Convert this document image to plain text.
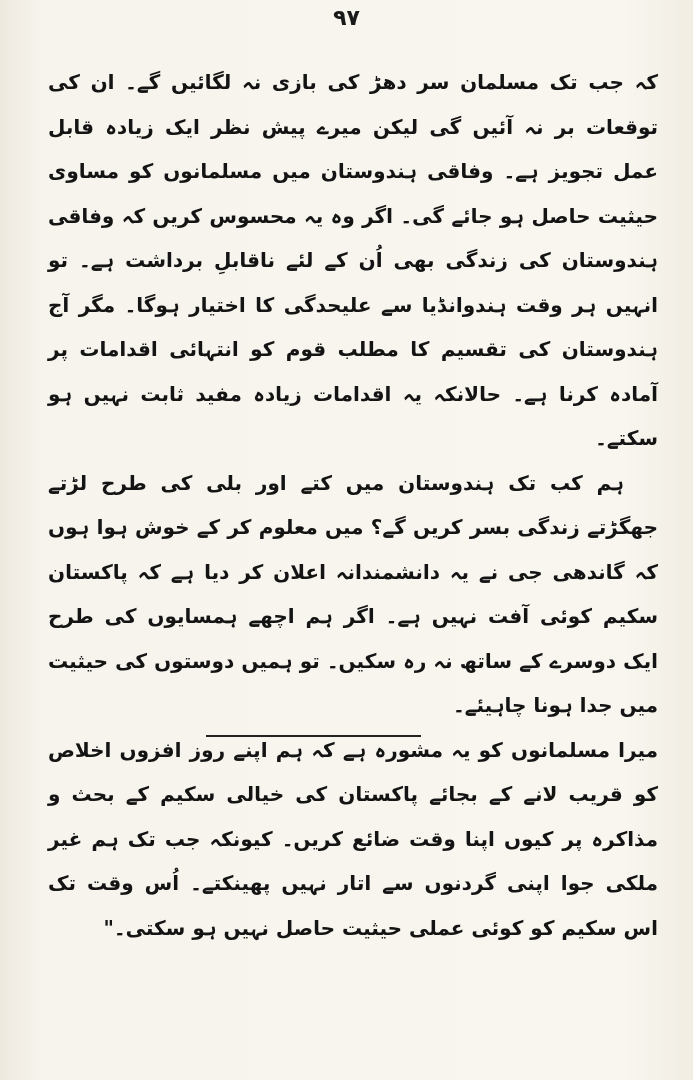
۹۷

کہ جب تک مسلمان سر دھڑ کی بازی نہ لگائیں گے۔ ان کی توقعات بر نہ آئیں گی لیکن میرے پیش نظر ایک زیادہ قابل عمل تجویز ہے۔ وفاقی ہندوستان میں مسلمانوں کو مساوی حیثیت حاصل ہو جائے گی۔ اگر وہ یہ محسوس کریں کہ وفاقی ہندوستان کی زندگی بھی اُن کے لئے ناقابلِ برداشت ہے۔ تو انہیں ہر وقت ہندوانڈیا سے علیحدگی کا اختیار ہوگا۔ مگر آج ہندوستان کی تقسیم کا مطلب قوم کو انتہائی اقدامات پر آمادہ کرنا ہے۔ حالانکہ یہ اقدامات زیادہ مفید ثابت نہیں ہو سکتے۔

ہم کب تک ہندوستان میں کتے اور بلی کی طرح لڑتے جھگڑتے زندگی بسر کریں گے؟ میں معلوم کر کے خوش ہوا ہوں کہ گاندھی جی نے یہ دانشمندانہ اعلان کر دیا ہے کہ پاکستان سکیم کوئی آفت نہیں ہے۔ اگر ہم اچھے ہمسایوں کی طرح ایک دوسرے کے ساتھ نہ رہ سکیں۔ تو ہمیں دوستوں کی حیثیت میں جدا ہونا چاہیئے۔

میرا مسلمانوں کو یہ مشورہ ہے کہ ہم اپنے روز افزوں اخلاص کو قریب لانے کے بجائے پاکستان کی خیالی سکیم کے بحث و مذاکرہ پر کیوں اپنا وقت ضائع کریں۔ کیونکہ جب تک ہم غیر ملکی جوا اپنی گردنوں سے اتار نہیں پھینکتے۔ اُس وقت تک اس سکیم کو کوئی عملی حیثیت حاصل نہیں ہو سکتی۔"
